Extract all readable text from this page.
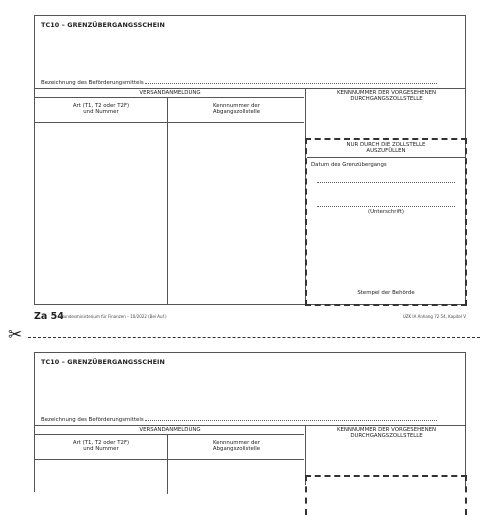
TC10 – GRENZÜBERGANGSSCHEIN
Bezeichnung des Beförderungsmittels
VERSANDANMELDUNG
Art (T1, T2 oder T2F)
und Nummer
Kennnummer der
Abgangszollstelle
KENNNUMMER DER VORGESEHENEN
DURCHGANGSZOLLSTELLE
NUR DURCH DIE ZOLLSTELLE
AUSZUFÜLLEN
Datum des Grenzübergangs
(Unterschrift)
Stempel der Behörde
Za 54
Bundesministerium für Finanzen – 10/2022 (Bei Auf.)	UZK IA Anhang 72 54, Kapitel V
✂
TC10 – GRENZÜBERGANGSSCHEIN
Bezeichnung des Beförderungsmittels
VERSANDANMELDUNG
Art (T1, T2 oder T2F)
und Nummer
Kennnummer der
Abgangszollstelle
KENNNUMMER DER VORGESEHENEN
DURCHGANGSZOLLSTELLE
